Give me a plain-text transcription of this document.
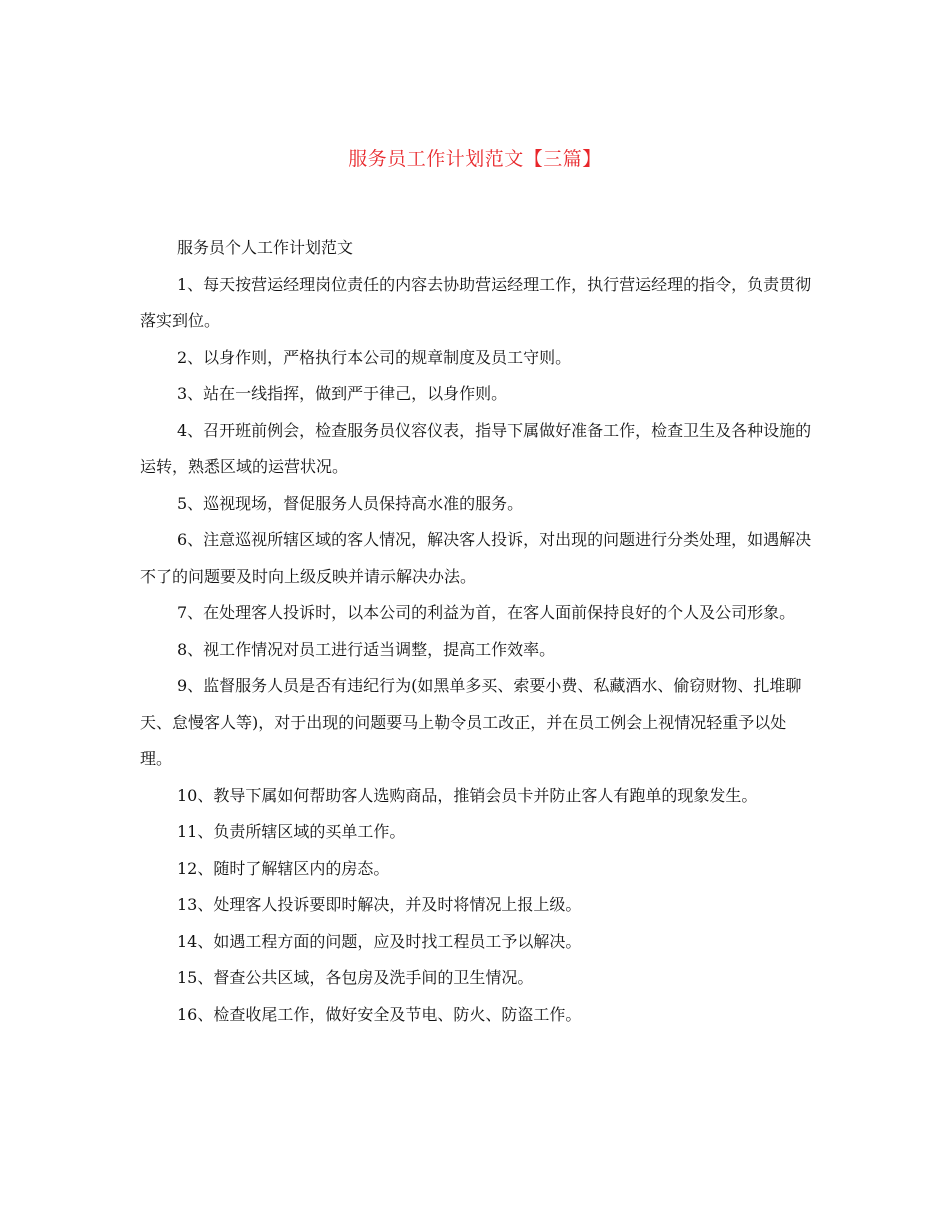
服务员工作计划范文【三篇】

服务员个人工作计划范文

1、每天按营运经理岗位责任的内容去协助营运经理工作，执行营运经理的指令，负责贯彻落实到位。

2、以身作则，严格执行本公司的规章制度及员工守则。

3、站在一线指挥，做到严于律己，以身作则。

4、召开班前例会，检查服务员仪容仪表，指导下属做好准备工作，检查卫生及各种设施的运转，熟悉区域的运营状况。

5、巡视现场，督促服务人员保持高水准的服务。

6、注意巡视所辖区域的客人情况，解决客人投诉，对出现的问题进行分类处理，如遇解决不了的问题要及时向上级反映并请示解决办法。

7、在处理客人投诉时，以本公司的利益为首，在客人面前保持良好的个人及公司形象。

8、视工作情况对员工进行适当调整，提高工作效率。

9、监督服务人员是否有违纪行为(如黑单多买、索要小费、私藏酒水、偷窃财物、扎堆聊天、怠慢客人等)，对于出现的问题要马上勒令员工改正，并在员工例会上视情况轻重予以处理。

10、教导下属如何帮助客人选购商品，推销会员卡并防止客人有跑单的现象发生。

11、负责所辖区域的买单工作。

12、随时了解辖区内的房态。

13、处理客人投诉要即时解决，并及时将情况上报上级。

14、如遇工程方面的问题，应及时找工程员工予以解决。

15、督查公共区域，各包房及洗手间的卫生情况。

16、检查收尾工作，做好安全及节电、防火、防盗工作。
